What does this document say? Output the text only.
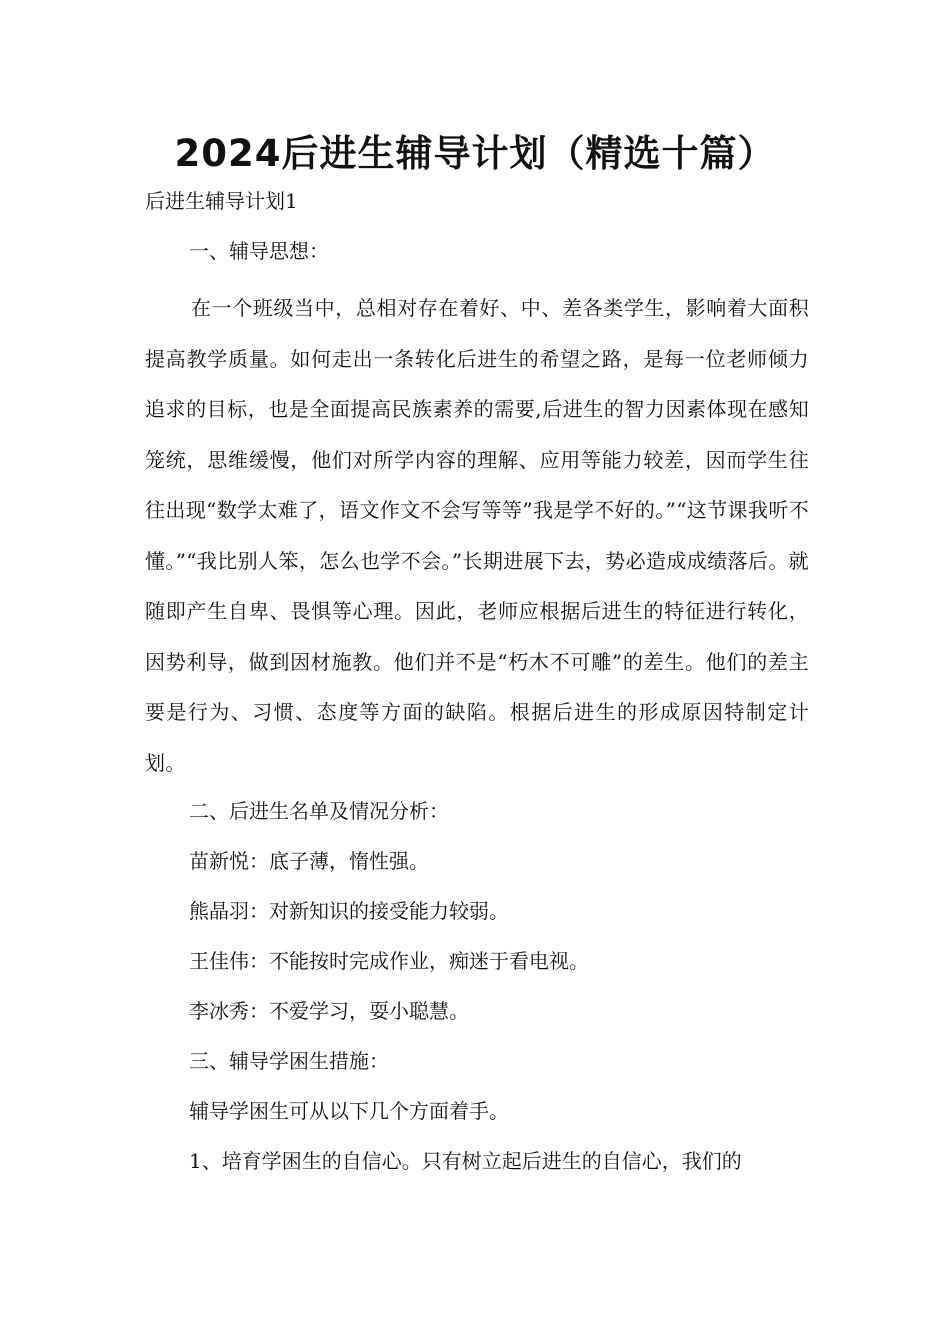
2024后进生辅导计划（精选十篇）

后进生辅导计划1

一、辅导思想：

在一个班级当中，总相对存在着好、中、差各类学生，影响着大面积提高教学质量。如何走出一条转化后进生的希望之路，是每一位老师倾力追求的目标，也是全面提高民族素养的需要,后进生的智力因素体现在感知笼统，思维缓慢，他们对所学内容的理解、应用等能力较差，因而学生往往出现“数学太难了，语文作文不会写等等”我是学不好的。”“这节课我听不懂。”“我比别人笨，怎么也学不会。”长期进展下去，势必造成成绩落后。就随即产生自卑、畏惧等心理。因此，老师应根据后进生的特征进行转化，因势利导，做到因材施教。他们并不是“朽木不可雕”的差生。他们的差主要是行为、习惯、态度等方面的缺陷。根据后进生的形成原因特制定计划。

二、后进生名单及情况分析：

苗新悦：底子薄，惰性强。
熊晶羽：对新知识的接受能力较弱。
王佳伟：不能按时完成作业，痴迷于看电视。
李冰秀：不爱学习，耍小聪慧。

三、辅导学困生措施：

辅导学困生可从以下几个方面着手。

1、培育学困生的自信心。只有树立起后进生的自信心，我们的
